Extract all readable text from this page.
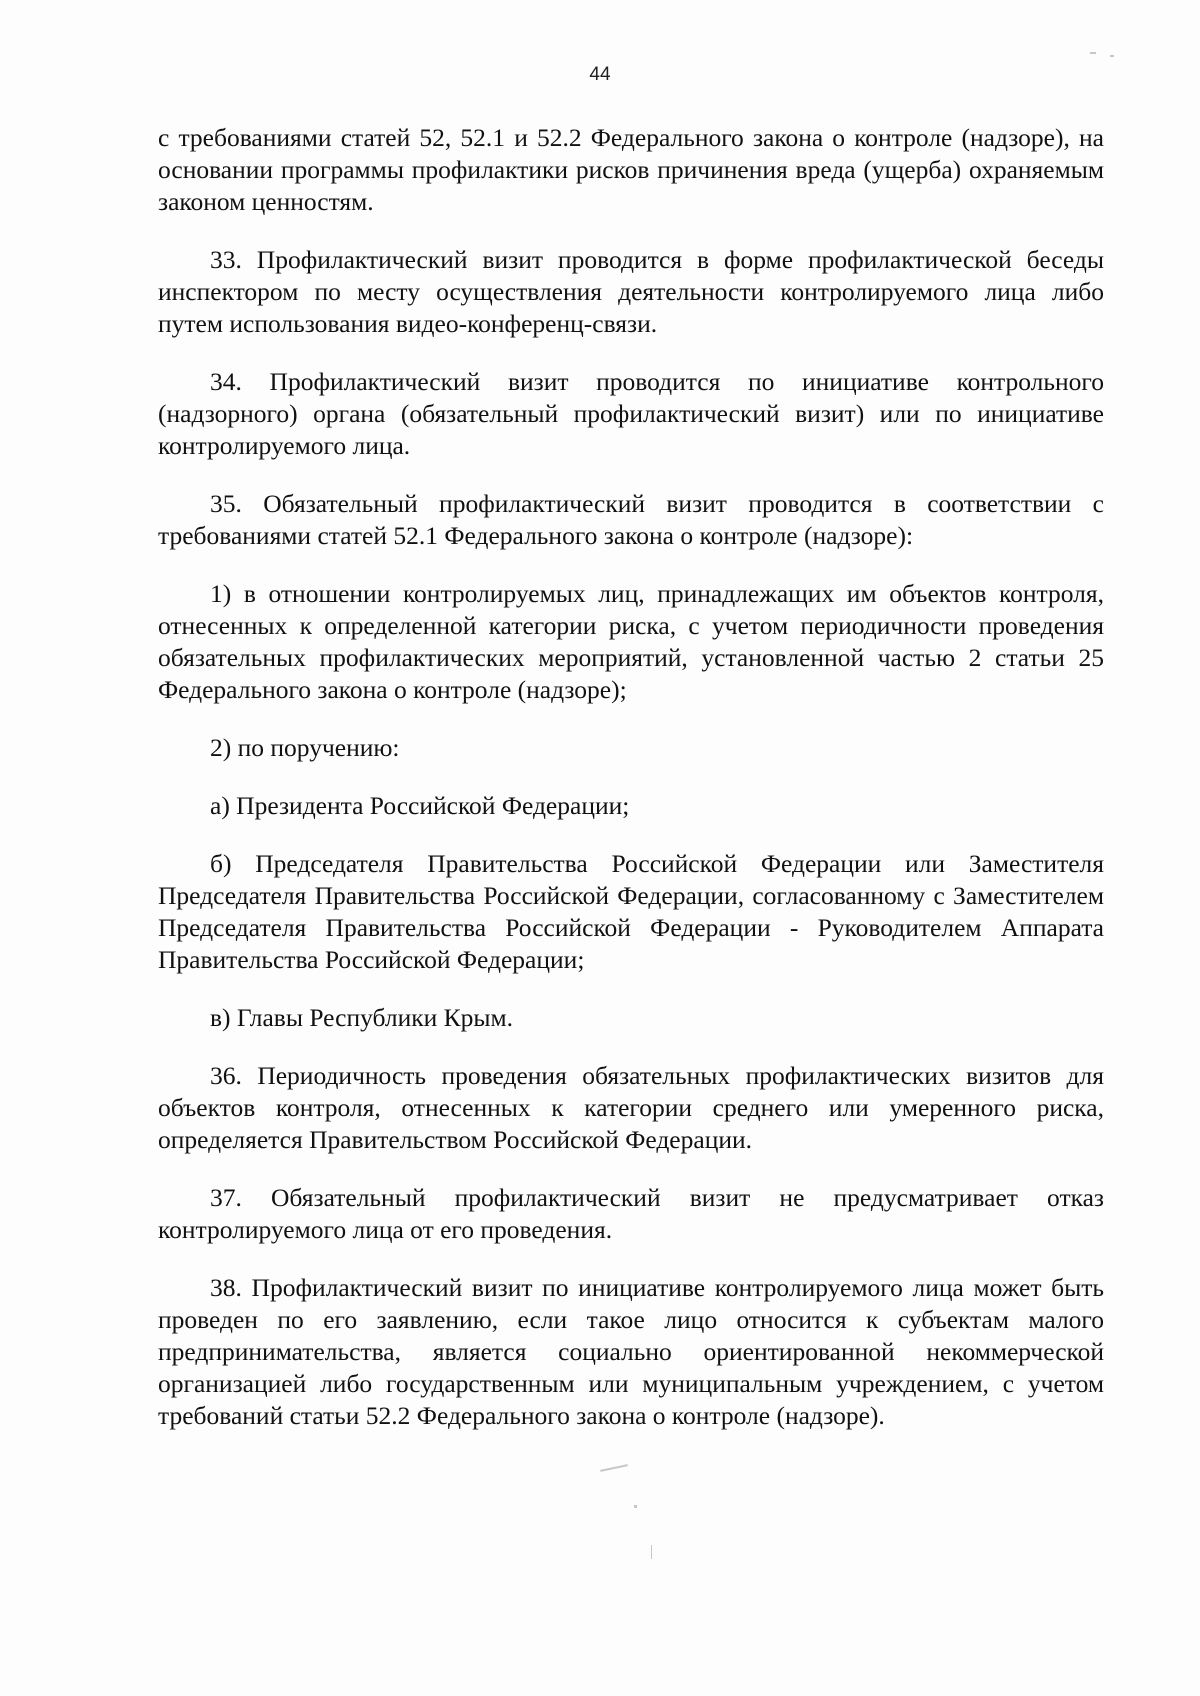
44

с требованиями статей 52, 52.1 и 52.2 Федерального закона о контроле (надзоре), на основании программы профилактики рисков причинения вреда (ущерба) охраняемым законом ценностям.

33. Профилактический визит проводится в форме профилактической беседы инспектором по месту осуществления деятельности контролируемого лица либо путем использования видео-конференц-связи.

34. Профилактический визит проводится по инициативе контрольного (надзорного) органа (обязательный профилактический визит) или по инициативе контролируемого лица.

35. Обязательный профилактический визит проводится в соответствии с требованиями статей 52.1 Федерального закона о контроле (надзоре):

1) в отношении контролируемых лиц, принадлежащих им объектов контроля, отнесенных к определенной категории риска, с учетом периодичности проведения обязательных профилактических мероприятий, установленной частью 2 статьи 25 Федерального закона о контроле (надзоре);

2) по поручению:

а) Президента Российской Федерации;

б) Председателя Правительства Российской Федерации или Заместителя Председателя Правительства Российской Федерации, согласованному с Заместителем Председателя Правительства Российской Федерации - Руководителем Аппарата Правительства Российской Федерации;

в) Главы Республики Крым.

36. Периодичность проведения обязательных профилактических визитов для объектов контроля, отнесенных к категории среднего или умеренного риска, определяется Правительством Российской Федерации.

37. Обязательный профилактический визит не предусматривает отказ контролируемого лица от его проведения.

38. Профилактический визит по инициативе контролируемого лица может быть проведен по его заявлению, если такое лицо относится к субъектам малого предпринимательства, является социально ориентированной некоммерческой организацией либо государственным или муниципальным учреждением, с учетом требований статьи 52.2 Федерального закона о контроле (надзоре).
